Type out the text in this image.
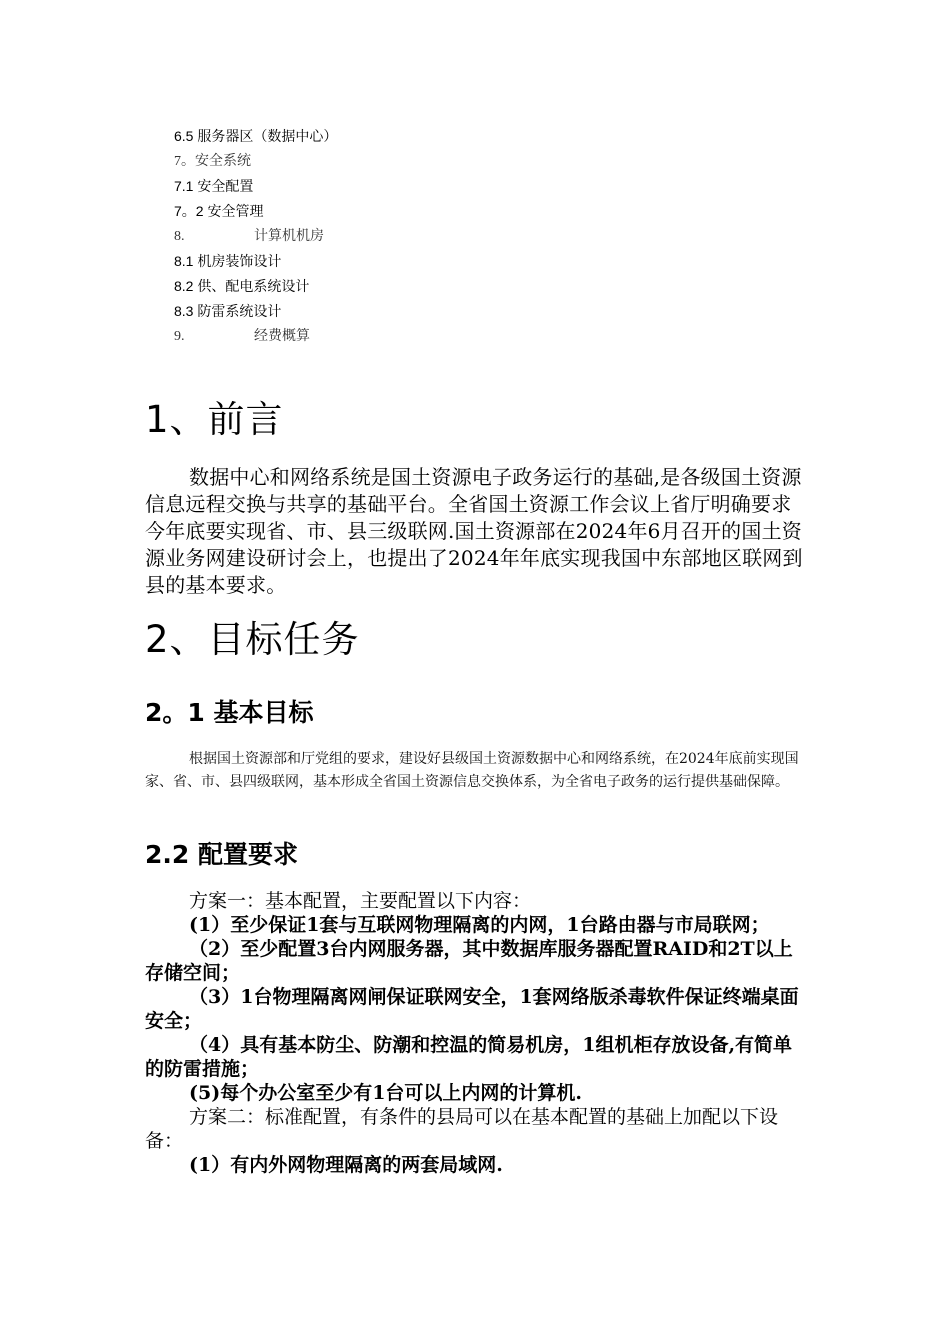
6.5 服务器区（数据中心）
7。安全系统
7.1 安全配置
7。2 安全管理
8.	计算机机房
8.1 机房装饰设计
8.2 供、配电系统设计
8.3 防雷系统设计
9.	经费概算
1、前言

数据中心和网络系统是国土资源电子政务运行的基础,是各级国土资源信息远程交换与共享的基础平台。全省国土资源工作会议上省厅明确要求今年底要实现省、市、县三级联网.国土资源部在2024年6月召开的国土资源业务网建设研讨会上，也提出了2024年年底实现我国中东部地区联网到县的基本要求。

2、目标任务
2。1 基本目标

根据国土资源部和厅党组的要求，建设好县级国土资源数据中心和网络系统，在2024年底前实现国家、省、市、县四级联网，基本形成全省国土资源信息交换体系，为全省电子政务的运行提供基础保障。

2.2 配置要求

方案一：基本配置，主要配置以下内容：

(1）至少保证1套与互联网物理隔离的内网，1台路由器与市局联网；

（2）至少配置3台内网服务器，其中数据库服务器配置RAID和2T以上存储空间；

（3）1台物理隔离网闸保证联网安全，1套网络版杀毒软件保证终端桌面安全；

（4）具有基本防尘、防潮和控温的简易机房，1组机柜存放设备,有简单的防雷措施；

(5)每个办公室至少有1台可以上内网的计算机.

方案二：标准配置，有条件的县局可以在基本配置的基础上加配以下设备：

(1）有内外网物理隔离的两套局域网.
